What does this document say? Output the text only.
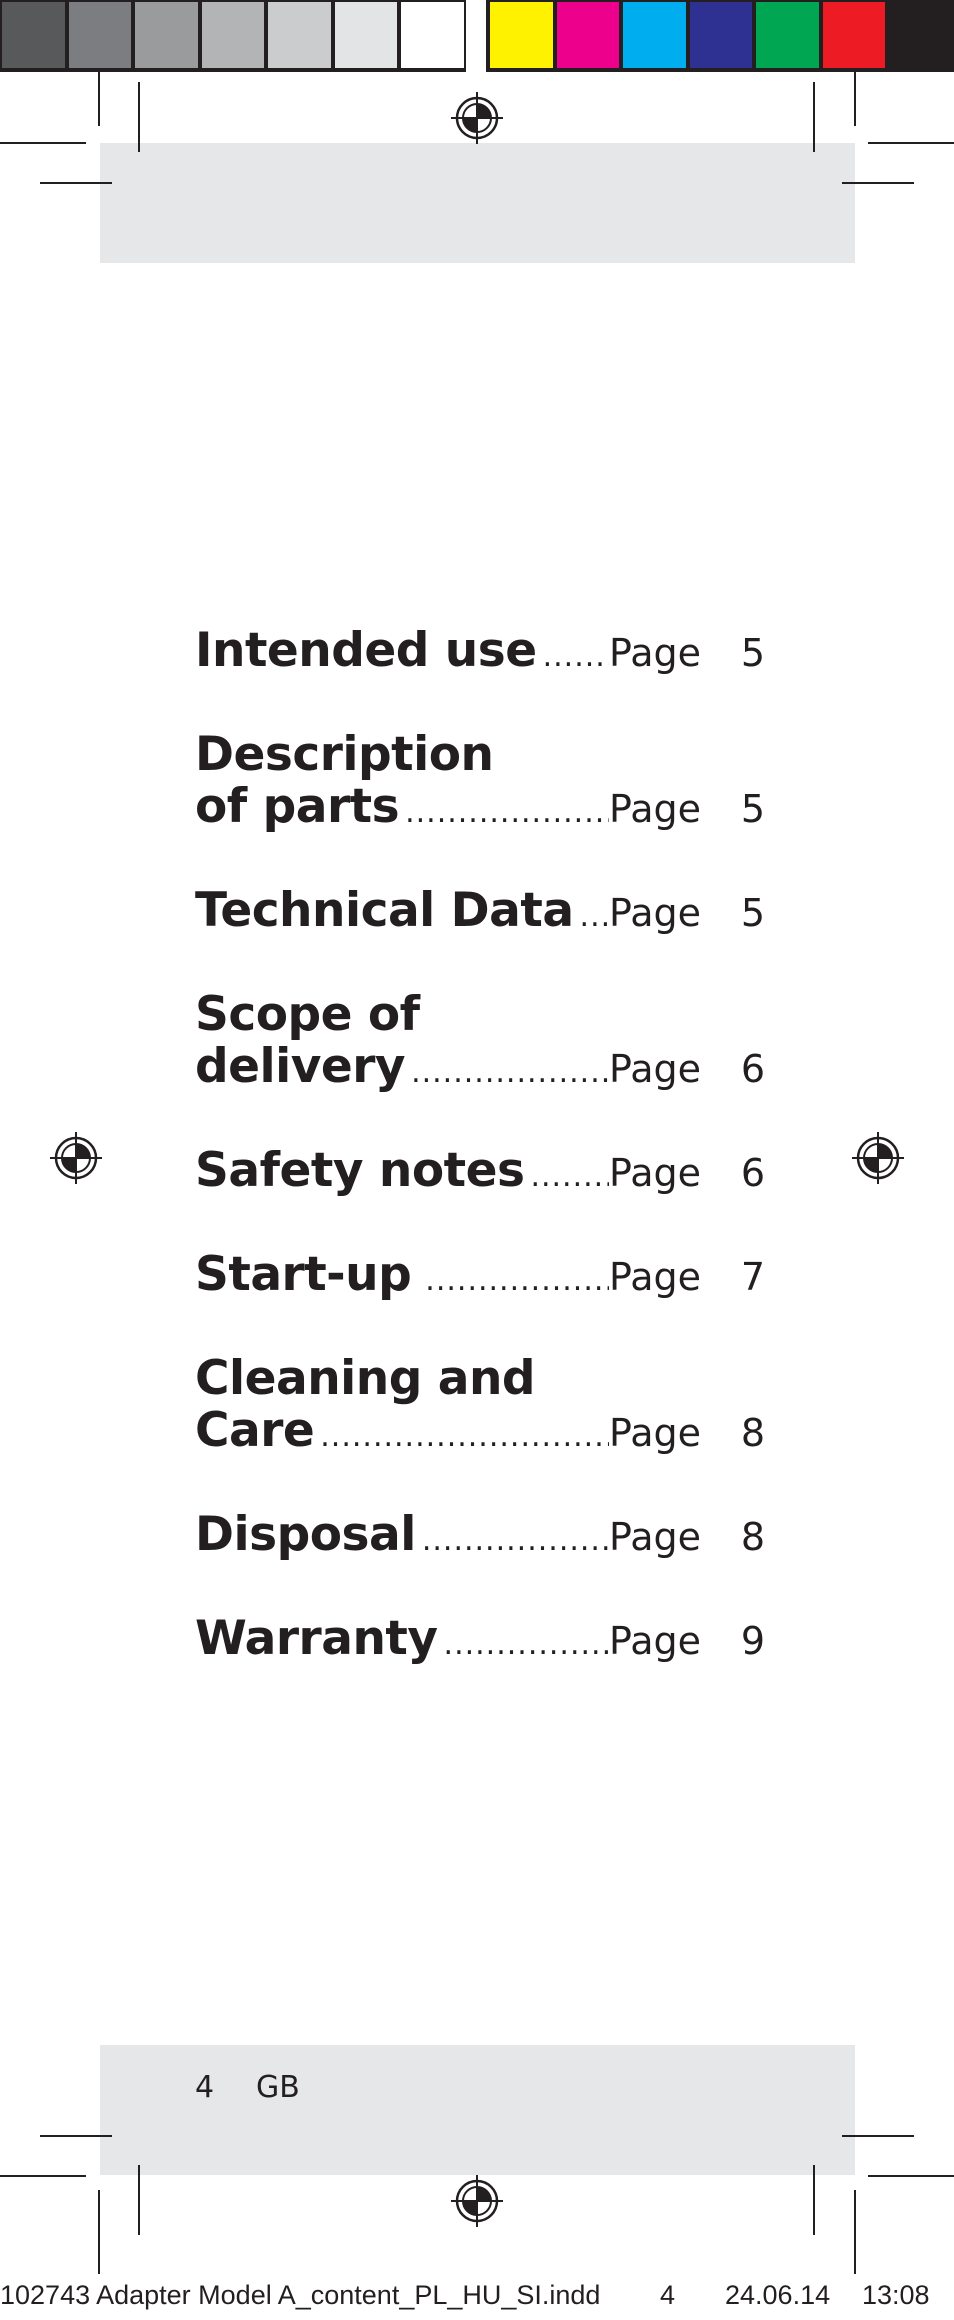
Intended use ..... Page	5
Description
of parts .....	Page	5
Technical Data ..... Page	5
Scope of
delivery .....	Page	6
Safety notes ..... Page	6
Start-up .....	Page	7
Cleaning and
Care .....	Page	8
Disposal .....	Page	8
Warranty .....	Page	9
4 GB
102743 Adapter Model A_content_PL_HU_SI.indd 4 24.06.14 13:08
